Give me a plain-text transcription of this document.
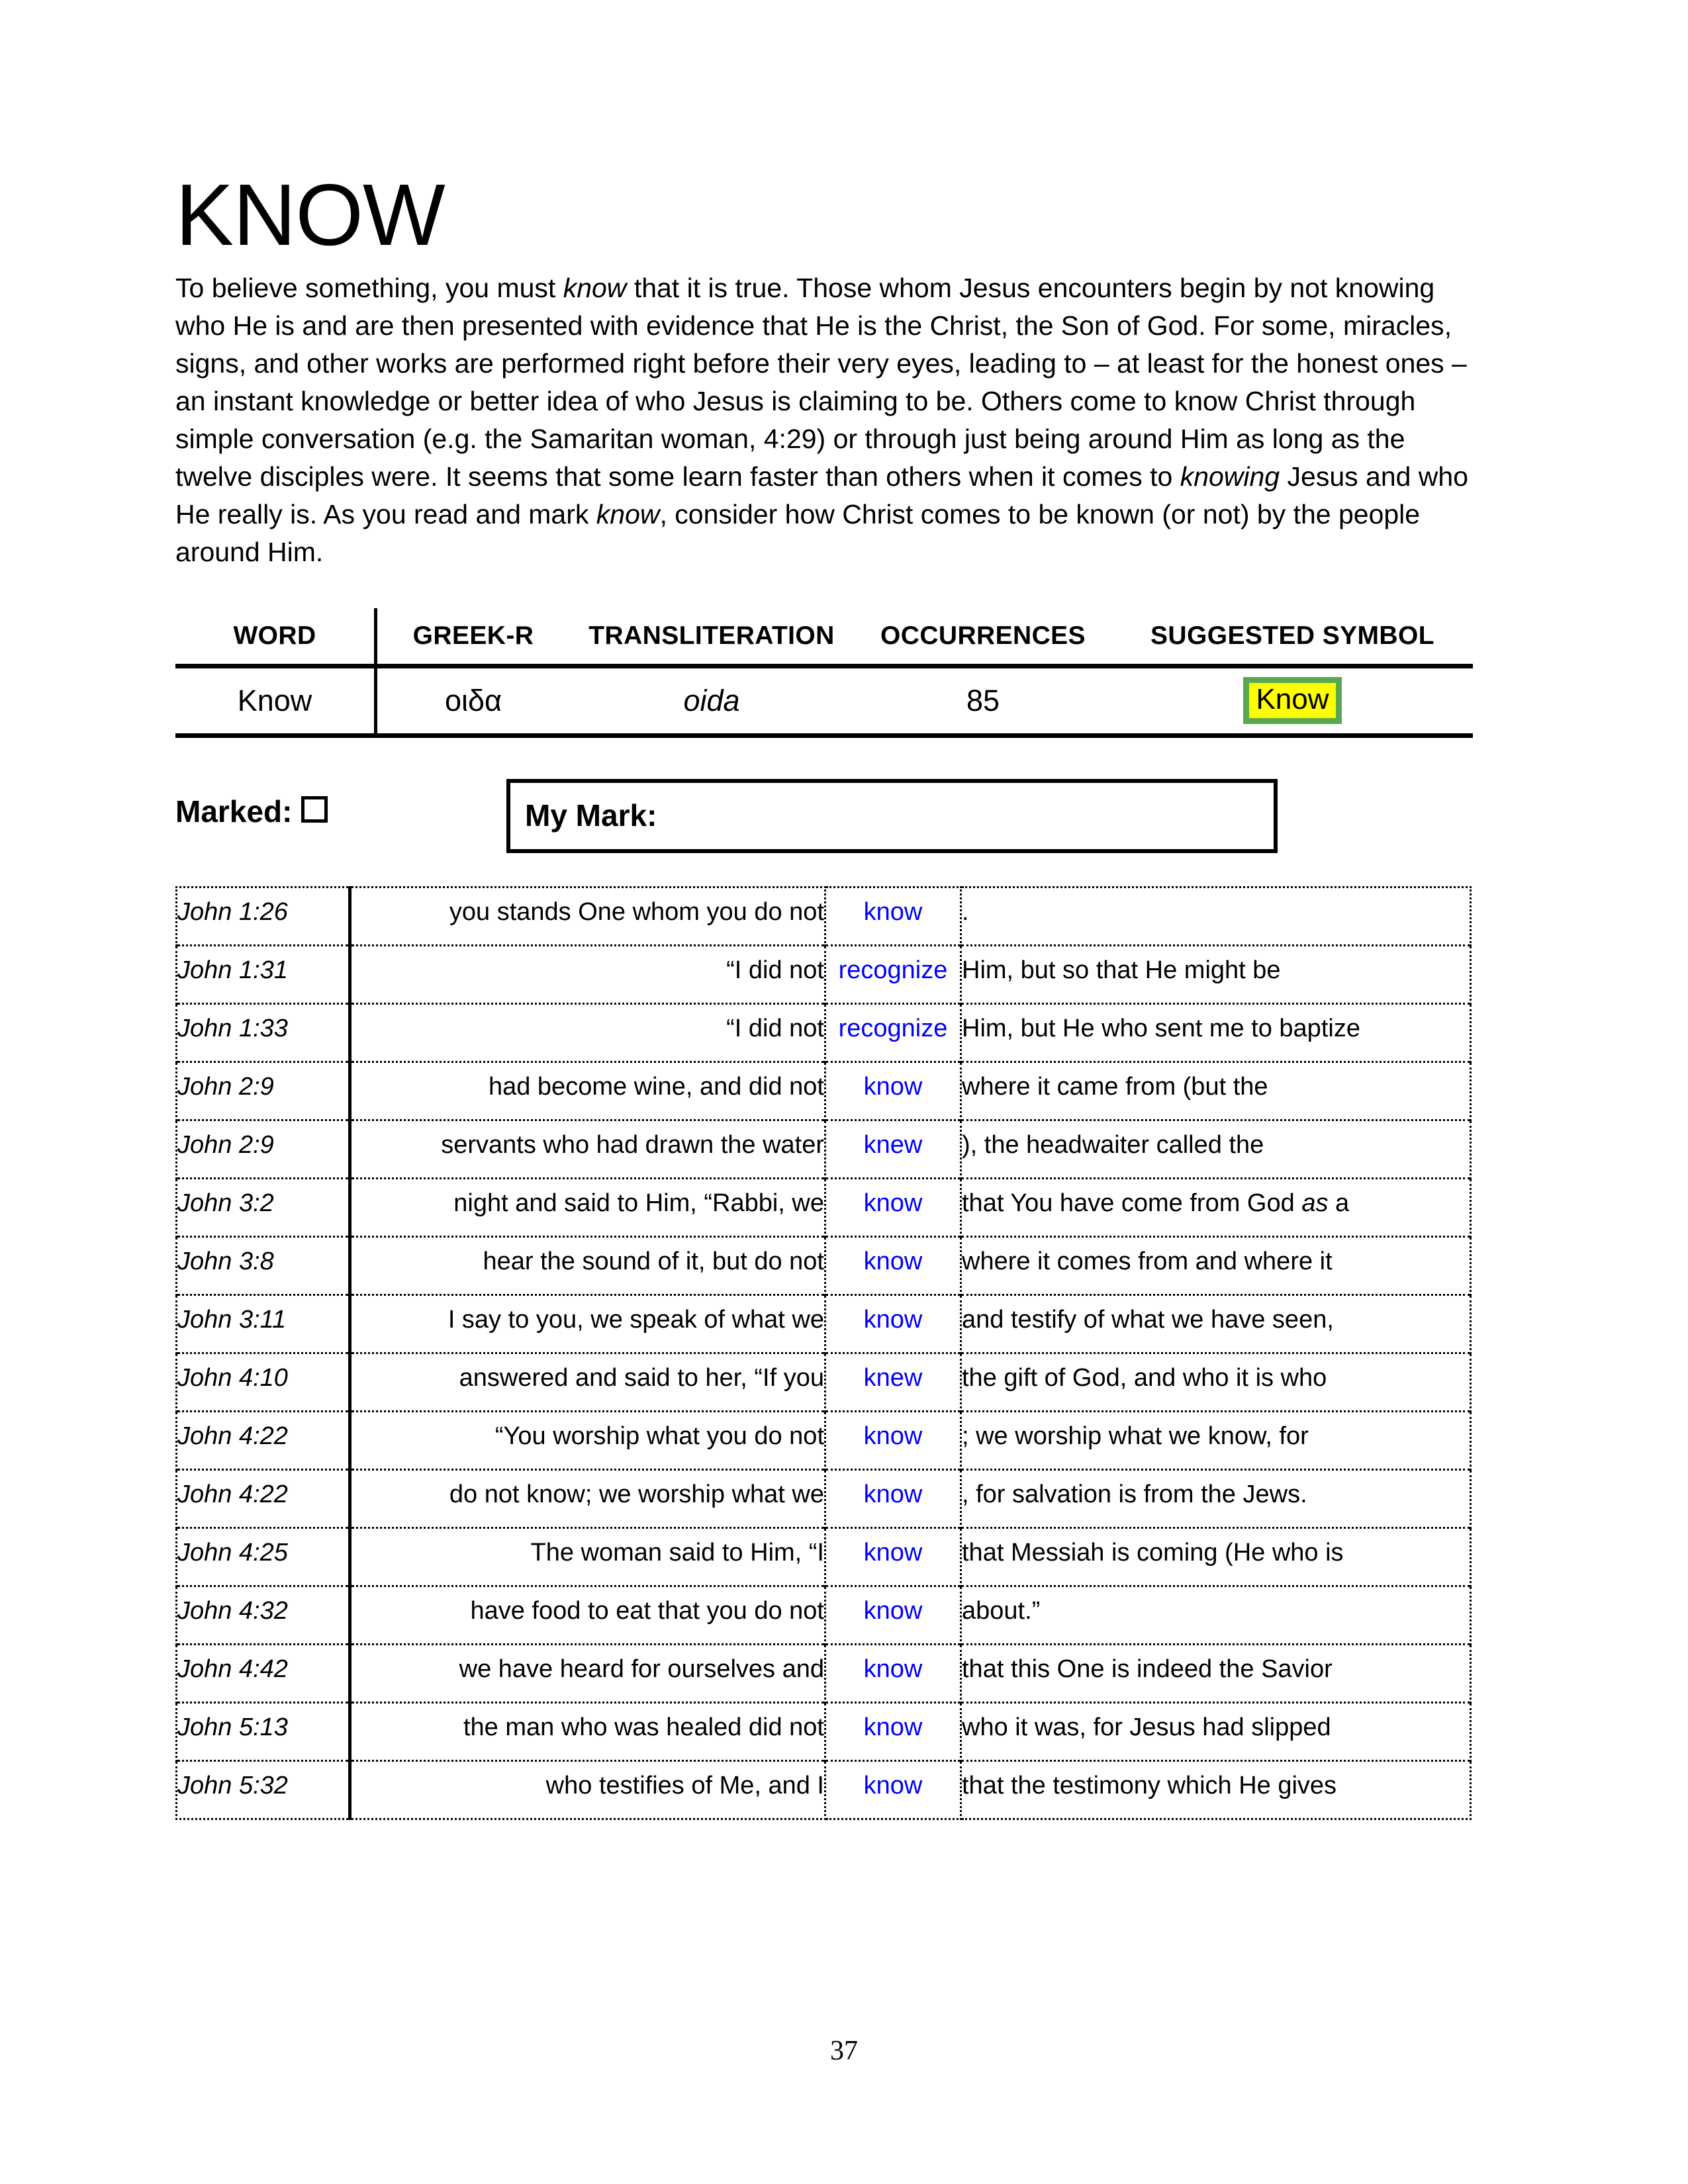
KNOW

To believe something, you must know that it is true. Those whom Jesus encounters begin by not knowing who He is and are then presented with evidence that He is the Christ, the Son of God. For some, miracles, signs, and other works are performed right before their very eyes, leading to – at least for the honest ones – an instant knowledge or better idea of who Jesus is claiming to be. Others come to know Christ through simple conversation (e.g. the Samaritan woman, 4:29) or through just being around Him as long as the twelve disciples were. It seems that some learn faster than others when it comes to knowing Jesus and who He really is. As you read and mark know, consider how Christ comes to be known (or not) by the people around Him.

WORD	GREEK-R	TRANSLITERATION	OCCURRENCES	SUGGESTED SYMBOL
Know	οιδα	oida	85	Know
Marked:	My Mark:
John 1:26	you stands One whom you do not	know	.

John 1:31	“I did not	recognize	Him, but so that He might be

John 1:33	“I did not	recognize	Him, but He who sent me to baptize

John 2:9	had become wine, and did not	know	where it came from (but the

John 2:9	servants who had drawn the water	knew	), the headwaiter called the

John 3:2	night and said to Him, “Rabbi, we	know	that You have come from God as a

John 3:8	hear the sound of it, but do not	know	where it comes from and where it

John 3:11	I say to you, we speak of what we	know	and testify of what we have seen,

John 4:10	answered and said to her, “If you	knew	the gift of God, and who it is who

John 4:22	“You worship what you do not	know	; we worship what we know, for

John 4:22	do not know; we worship what we	know	, for salvation is from the Jews.

John 4:25	The woman said to Him, “I	know	that Messiah is coming (He who is

John 4:32	have food to eat that you do not	know	about.”

John 4:42	we have heard for ourselves and	know	that this One is indeed the Savior

John 5:13	the man who was healed did not	know	who it was, for Jesus had slipped

John 5:32	who testifies of Me, and I	know	that the testimony which He gives
37
